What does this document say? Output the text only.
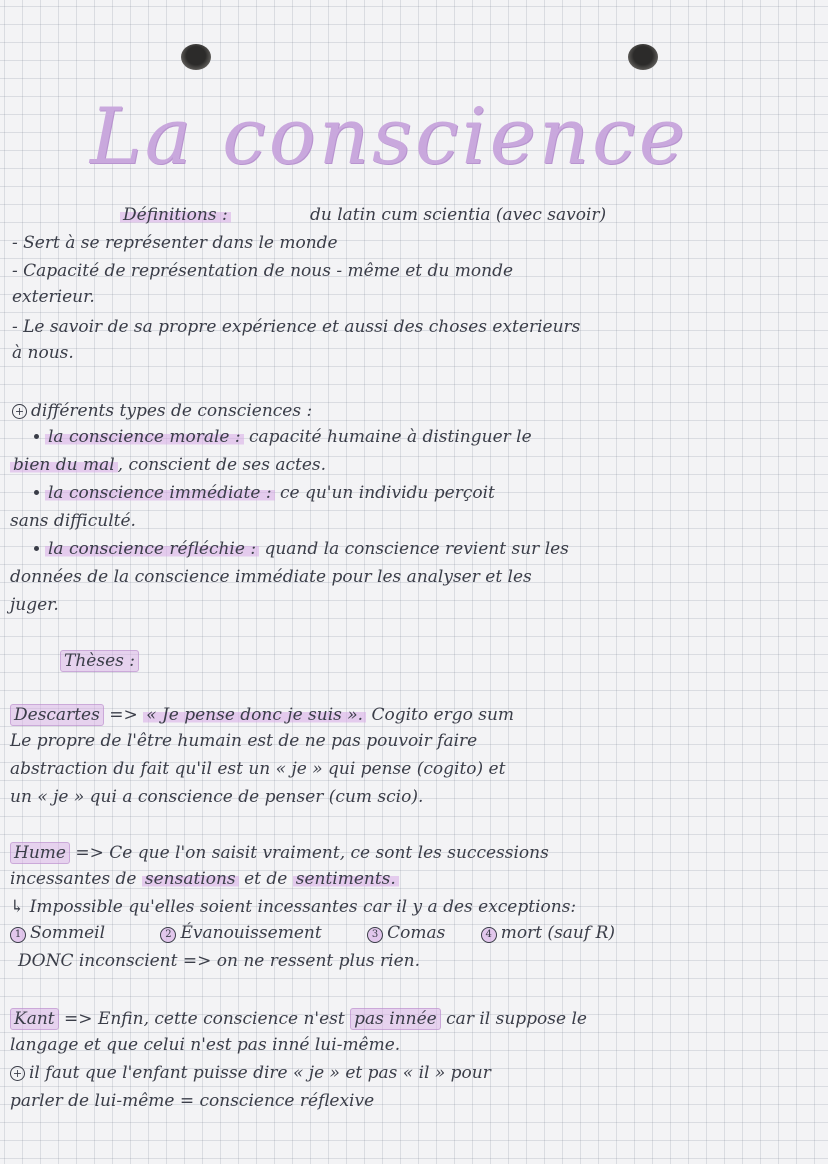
La conscience
Définitions :	du latin cum scientia (avec savoir)
- Sert à se représenter dans le monde
- Capacité de représentation de nous - même et du monde
exterieur.
- Le savoir de sa propre expérience et aussi des choses exterieurs
à nous.
+ différents types de consciences :
la conscience morale : capacité humaine à distinguer le
bien du mal , conscient de ses actes.
la conscience immédiate : ce qu'un individu perçoit
sans difficulté.
la conscience réfléchie : quand la conscience revient sur les
données de la conscience immédiate pour les analyser et les
juger.
Thèses :
Descartes => « Je pense donc je suis ». Cogito ergo sum
Le propre de l'être humain est de ne pas pouvoir faire
abstraction du fait qu'il est un « je » qui pense (cogito) et
un « je » qui a conscience de penser (cum scio).
Hume => Ce que l'on saisit vraiment, ce sont les successions
incessantes de sensations et de sentiments.
↳ Impossible qu'elles soient incessantes car il y a des exceptions:
1 Sommeil	2 Évanouissement	3 Comas	4 mort (sauf R)
DONC inconscient => on ne ressent plus rien.
Kant => Enfin, cette conscience n'est pas innée car il suppose le
langage et que celui n'est pas inné lui-même.
+ il faut que l'enfant puisse dire « je » et pas « il » pour
parler de lui-même = conscience réflexive
